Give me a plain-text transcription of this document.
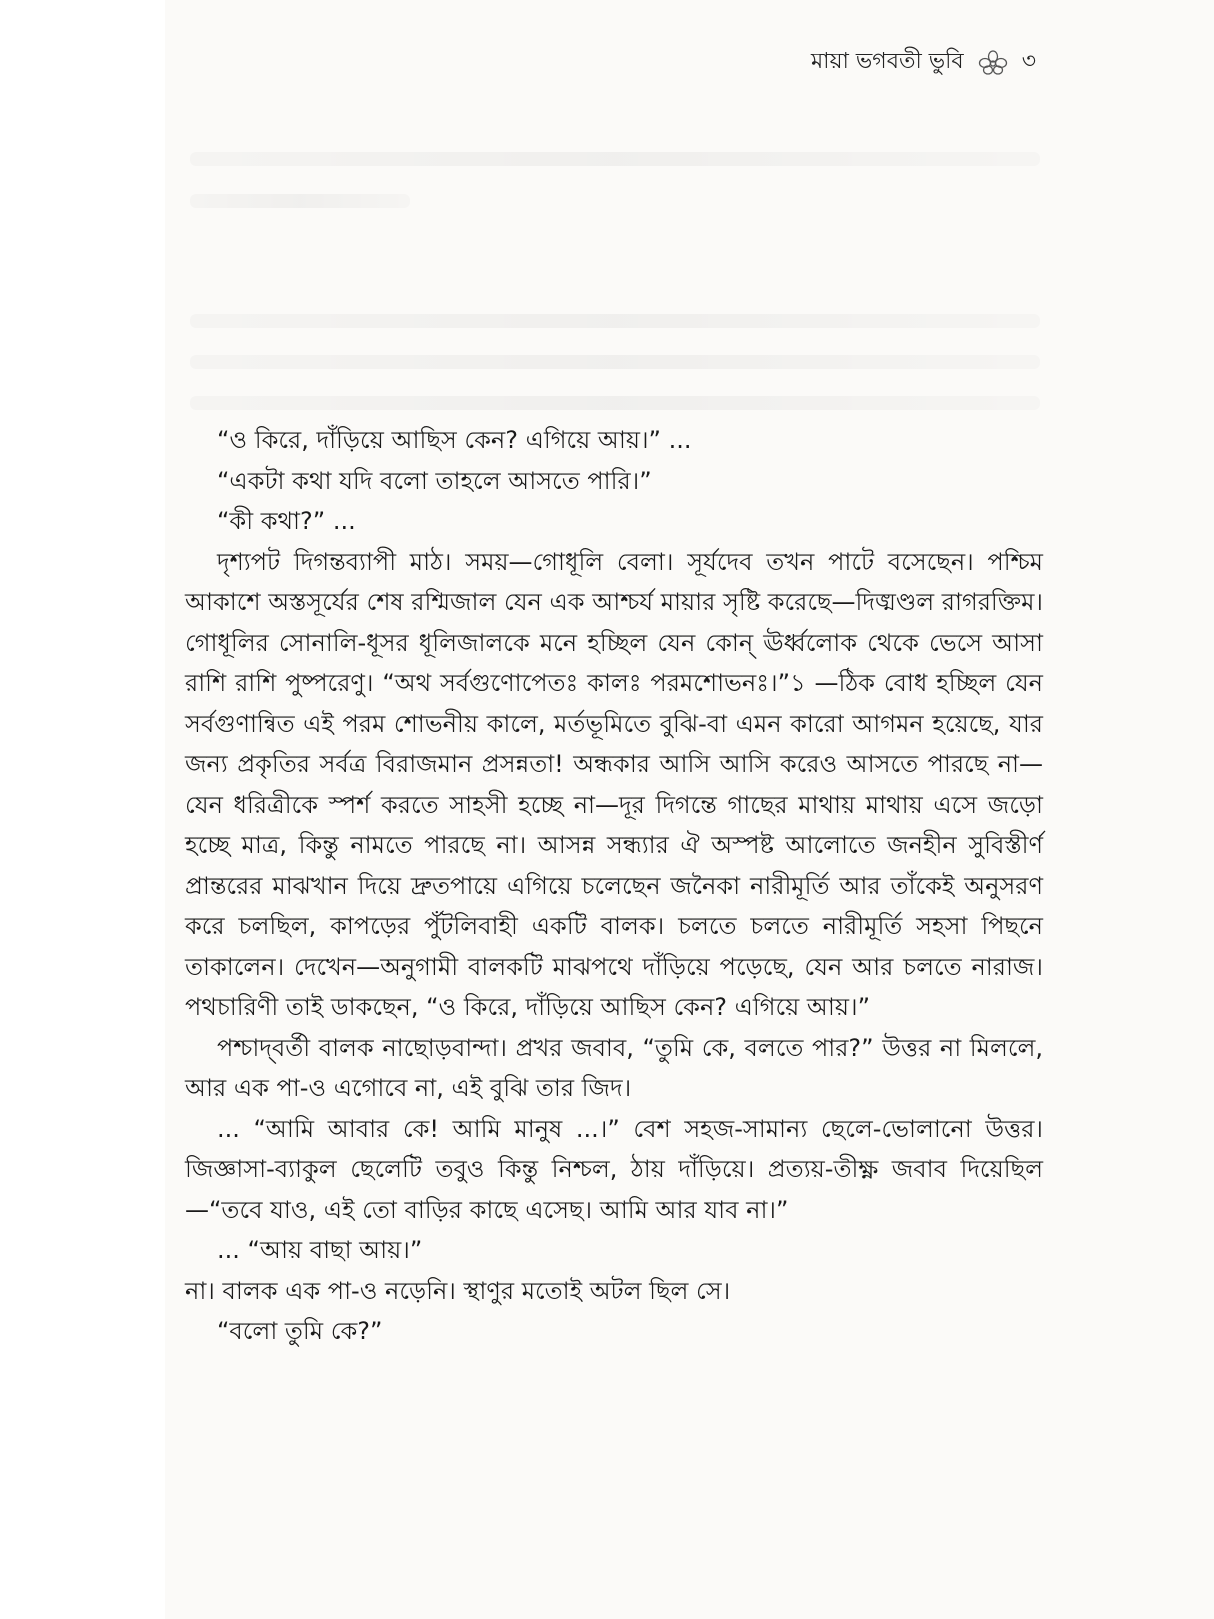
মায়া ভগবতী ভুবি	৩

“ও কিরে, দাঁড়িয়ে আছিস কেন? এগিয়ে আয়।” ...

“একটা কথা যদি বলো তাহলে আসতে পারি।”

“কী কথা?” ...

দৃশ্যপট দিগন্তব্যাপী মাঠ। সময়—গোধূলি বেলা। সূর্যদেব তখন পাটে বসেছেন। পশ্চিম আকাশে অস্তসূর্যের শেষ রশ্মিজাল যেন এক আশ্চর্য মায়ার সৃষ্টি করেছে—দিঙ্মণ্ডল রাগরক্তিম। গোধূলির সোনালি-ধূসর ধূলিজালকে মনে হচ্ছিল যেন কোন্ ঊর্ধ্বলোক থেকে ভেসে আসা রাশি রাশি পুষ্পরেণু। “অথ সর্বগুণোপেতঃ কালঃ পরমশোভনঃ।”১ —ঠিক বোধ হচ্ছিল যেন সর্বগুণান্বিত এই পরম শোভনীয় কালে, মর্তভূমিতে বুঝি-বা এমন কারো আগমন হয়েছে, যার জন্য প্রকৃতির সর্বত্র বিরাজমান প্রসন্নতা! অন্ধকার আসি আসি করেও আসতে পারছে না—যেন ধরিত্রীকে স্পর্শ করতে সাহসী হচ্ছে না—দূর দিগন্তে গাছের মাথায় মাথায় এসে জড়ো হচ্ছে মাত্র, কিন্তু নামতে পারছে না। আসন্ন সন্ধ্যার ঐ অস্পষ্ট আলোতে জনহীন সুবিস্তীর্ণ প্রান্তরের মাঝখান দিয়ে দ্রুতপায়ে এগিয়ে চলেছেন জনৈকা নারীমূর্তি আর তাঁকেই অনুসরণ করে চলছিল, কাপড়ের পুঁটলিবাহী একটি বালক। চলতে চলতে নারীমূর্তি সহসা পিছনে তাকালেন। দেখেন—অনুগামী বালকটি মাঝপথে দাঁড়িয়ে পড়েছে, যেন আর চলতে নারাজ। পথচারিণী তাই ডাকছেন, “ও কিরে, দাঁড়িয়ে আছিস কেন? এগিয়ে আয়।”

পশ্চাদ্‌বর্তী বালক নাছোড়বান্দা। প্রখর জবাব, “তুমি কে, বলতে পার?” উত্তর না মিললে, আর এক পা-ও এগোবে না, এই বুঝি তার জিদ।

... “আমি আবার কে! আমি মানুষ ...।” বেশ সহজ-সামান্য ছেলে-ভোলানো উত্তর। জিজ্ঞাসা-ব্যাকুল ছেলেটি তবুও কিন্তু নিশ্চল, ঠায় দাঁড়িয়ে। প্রত্যয়-তীক্ষ্ণ জবাব দিয়েছিল—“তবে যাও, এই তো বাড়ির কাছে এসেছ। আমি আর যাব না।”

... “আয় বাছা আয়।”

না। বালক এক পা-ও নড়েনি। স্থাণুর মতোই অটল ছিল সে।

“বলো তুমি কে?”
